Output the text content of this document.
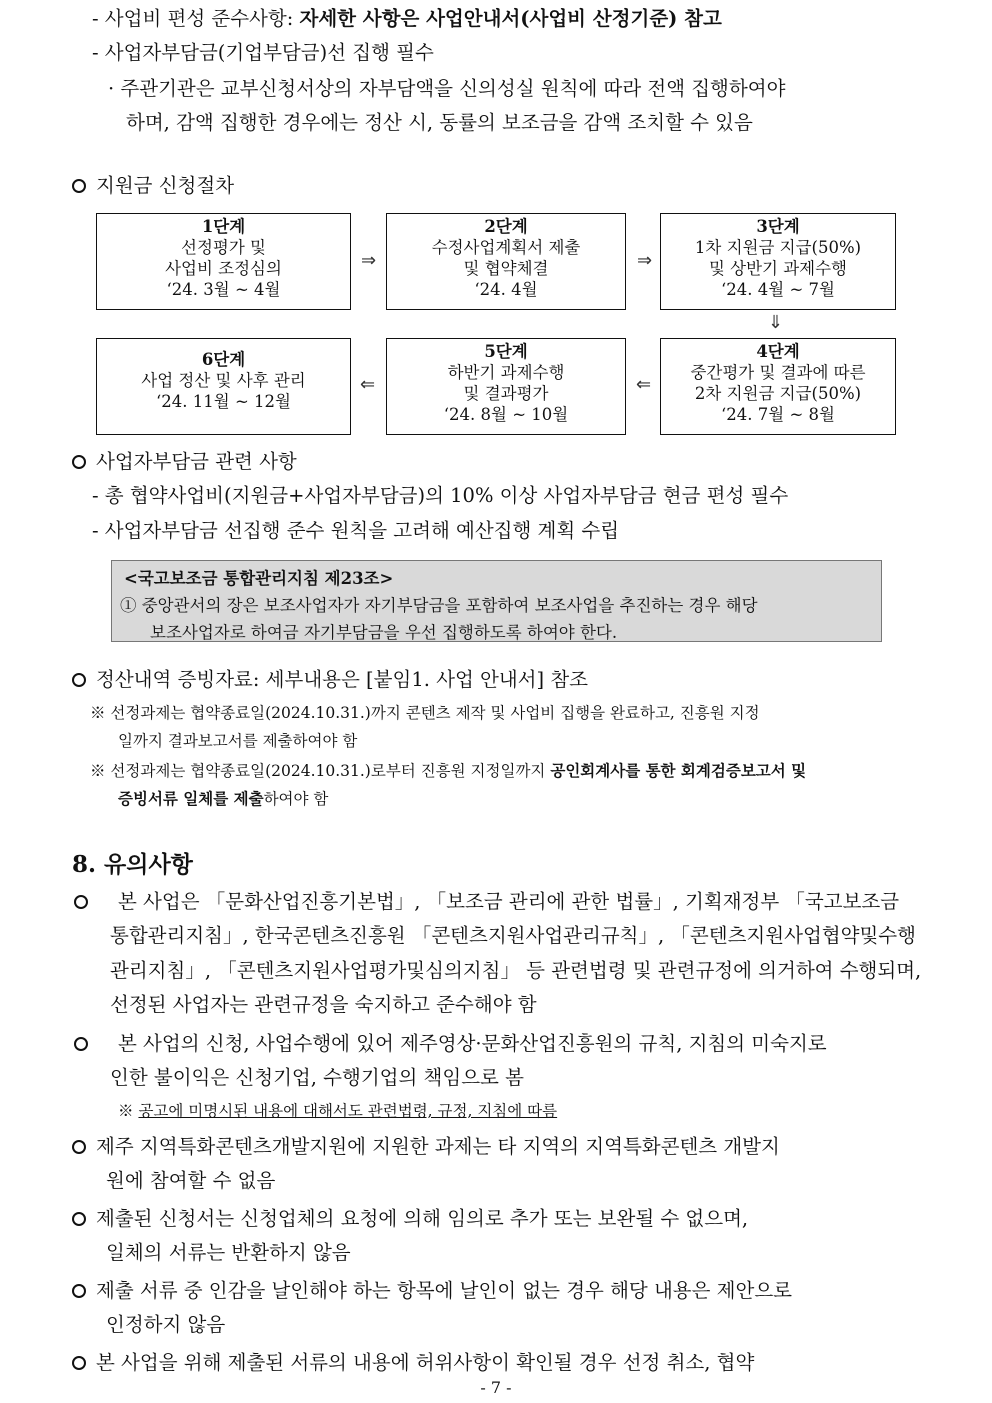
- 사업비 편성 준수사항: 자세한 사항은 사업안내서(사업비 산정기준) 참고
- 사업자부담금(기업부담금)선 집행 필수
· 주관기관은 교부신청서상의 자부담액을 신의성실 원칙에 따라 전액 집행하여야
하며, 감액 집행한 경우에는 정산 시, 동률의 보조금을 감액 조치할 수 있음
지원금 신청절차
1단계
선정평가 및
사업비 조정심의
‘24. 3월 ~ 4월
⇒
2단계
수정사업계획서 제출
및 협약체결
‘24. 4월
⇒
3단계
1차 지원금 지급(50%)
및 상반기 과제수행
‘24. 4월 ~ 7월
⇓
6단계
사업 정산 및 사후 관리
‘24. 11월 ~ 12월
⇐
5단계
하반기 과제수행
및 결과평가
‘24. 8월 ~ 10월
⇐
4단계
중간평가 및 결과에 따른
2차 지원금 지급(50%)
‘24. 7월 ~ 8월
사업자부담금 관련 사항
- 총 협약사업비(지원금+사업자부담금)의 10% 이상 사업자부담금 현금 편성 필수
- 사업자부담금 선집행 준수 원칙을 고려해 예산집행 계획 수립
<국고보조금 통합관리지침 제23조>
① 중앙관서의 장은 보조사업자가 자기부담금을 포함하여 보조사업을 추진하는 경우 해당
보조사업자로 하여금 자기부담금을 우선 집행하도록 하여야 한다.
정산내역 증빙자료: 세부내용은 [붙임1. 사업 안내서] 참조
※ 선정과제는 협약종료일(2024.10.31.)까지 콘텐츠 제작 및 사업비 집행을 완료하고, 진흥원 지정
일까지 결과보고서를 제출하여야 함
※ 선정과제는 협약종료일(2024.10.31.)로부터 진흥원 지정일까지 공인회계사를 통한 회계검증보고서 및
증빙서류 일체를 제출하여야 함
8. 유의사항
본 사업은 「문화산업진흥기본법」, 「보조금 관리에 관한 법률」, 기획재정부 「국고보조금
통합관리지침」, 한국콘텐츠진흥원 「콘텐츠지원사업관리규칙」, 「콘텐츠지원사업협약및수행
관리지침」, 「콘텐츠지원사업평가및심의지침」 등 관련법령 및 관련규정에 의거하여 수행되며,
선정된 사업자는 관련규정을 숙지하고 준수해야 함
본 사업의 신청, 사업수행에 있어 제주영상·문화산업진흥원의 규칙, 지침의 미숙지로
인한 불이익은 신청기업, 수행기업의 책임으로 봄
※ 공고에 미명시된 내용에 대해서도 관련법령, 규정, 지침에 따름
제주 지역특화콘텐츠개발지원에 지원한 과제는 타 지역의 지역특화콘텐츠 개발지
원에 참여할 수 없음
제출된 신청서는 신청업체의 요청에 의해 임의로 추가 또는 보완될 수 없으며,
일체의 서류는 반환하지 않음
제출 서류 중 인감을 날인해야 하는 항목에 날인이 없는 경우 해당 내용은 제안으로
인정하지 않음
본 사업을 위해 제출된 서류의 내용에 허위사항이 확인될 경우 선정 취소, 협약
- 7 -
